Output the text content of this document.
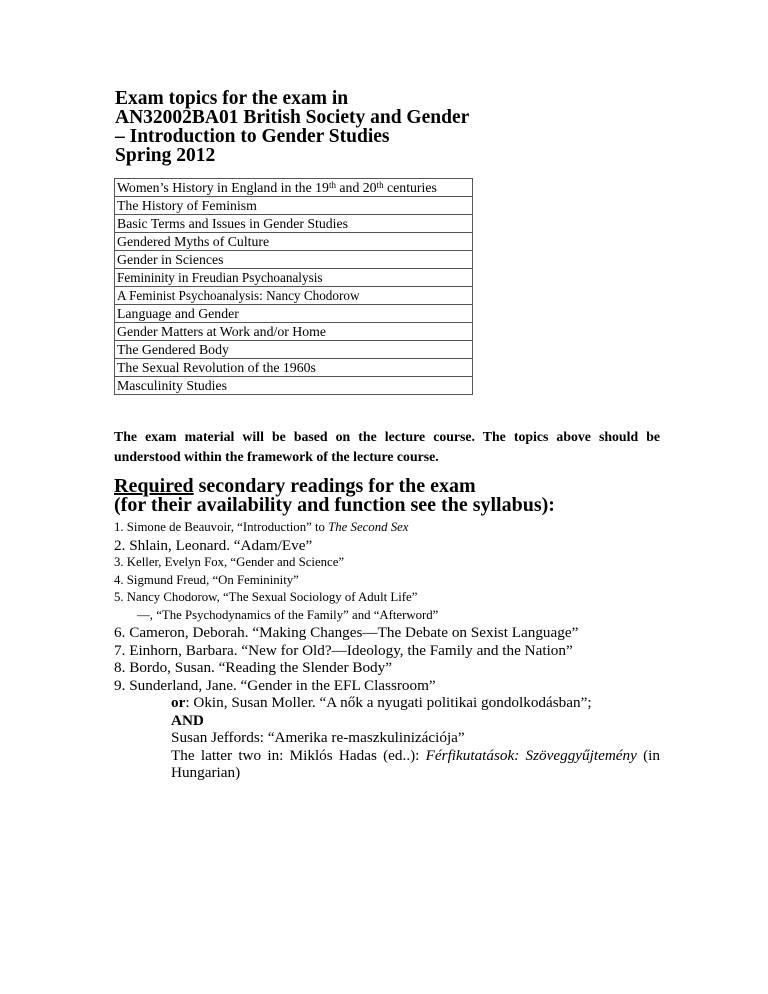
Exam topics for the exam in
AN32002BA01 British Society and Gender
– Introduction to Gender Studies
Spring 2012
Women’s History in England in the 19th and 20th centuries
The History of Feminism
Basic Terms and Issues in Gender Studies
Gendered Myths of Culture
Gender in Sciences
Femininity in Freudian Psychoanalysis
A Feminist Psychoanalysis: Nancy Chodorow
Language and Gender
Gender Matters at Work and/or Home
The Gendered Body
The Sexual Revolution of the 1960s
Masculinity Studies
The exam material will be based on the lecture course. The topics above should be
understood within the framework of the lecture course.
Required secondary readings for the exam
(for their availability and function see the syllabus):
1. Simone de Beauvoir, “Introduction” to The Second Sex
2. Shlain, Leonard. “Adam/Eve”
3. Keller, Evelyn Fox, “Gender and Science”
4. Sigmund Freud, “On Femininity”
5. Nancy Chodorow, “The Sexual Sociology of Adult Life”
—, “The Psychodynamics of the Family” and “Afterword”
6. Cameron, Deborah. “Making Changes—The Debate on Sexist Language”
7. Einhorn, Barbara. “New for Old?—Ideology, the Family and the Nation”
8. Bordo, Susan. “Reading the Slender Body”
9. Sunderland, Jane. “Gender in the EFL Classroom”
or: Okin, Susan Moller. “A nők a nyugati politikai gondolkodásban”;
AND
Susan Jeffords: “Amerika re-maszkulinizációja”
The latter two in: Miklós Hadas (ed..): Férfikutatások: Szöveggyűjtemény (in
Hungarian)
